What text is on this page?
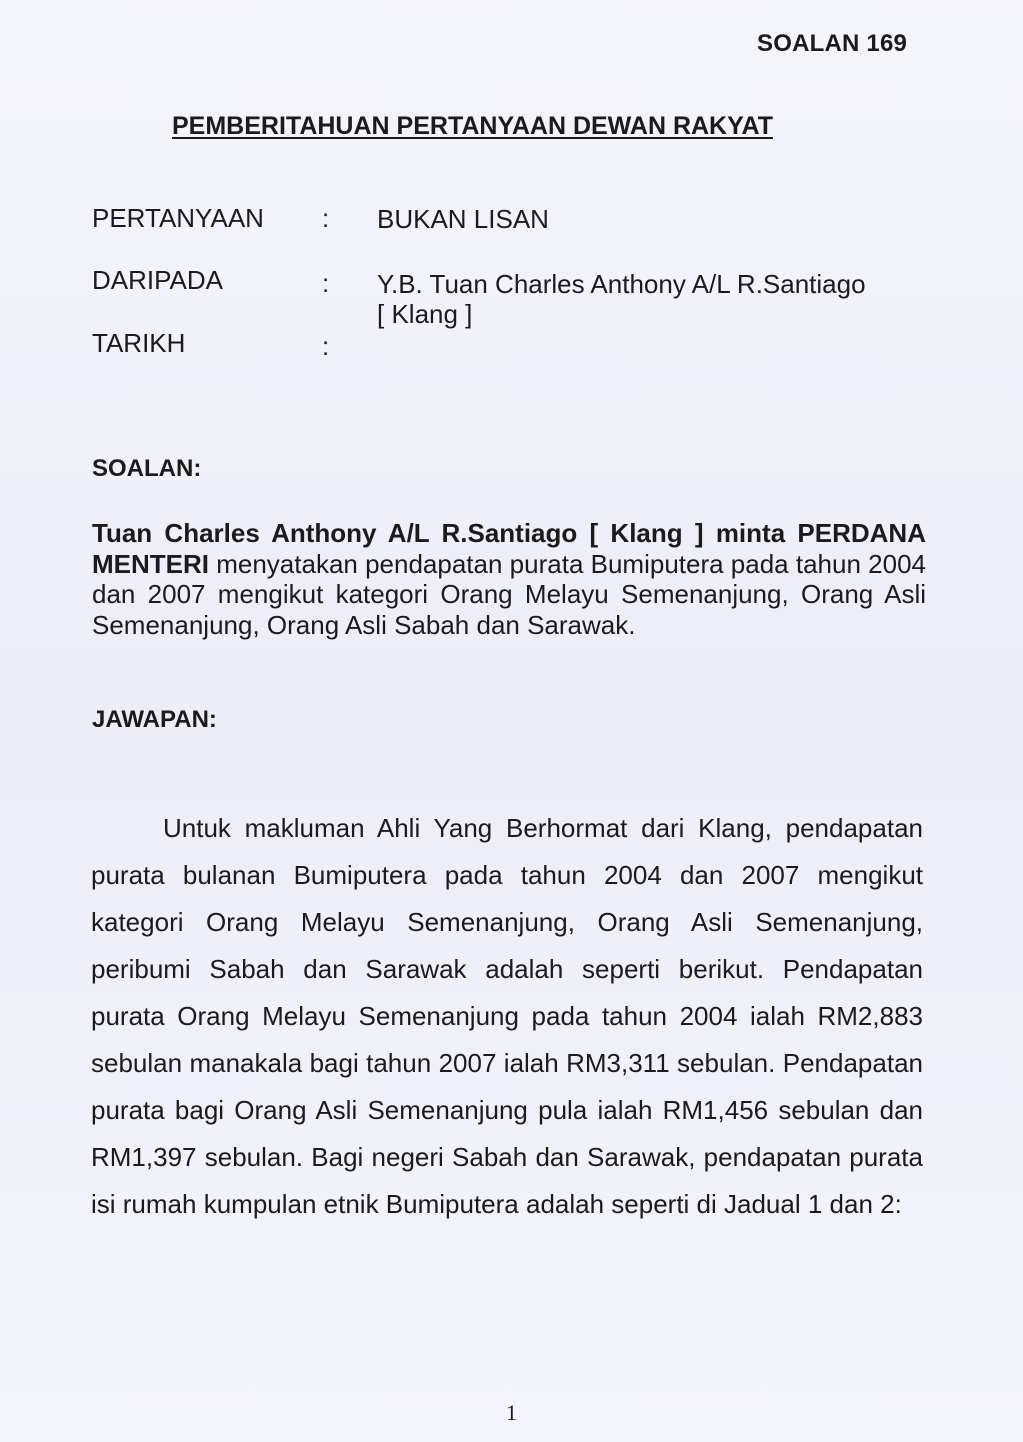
SOALAN 169
PEMBERITAHUAN PERTANYAAN DEWAN RAKYAT
PERTANYAAN : BUKAN LISAN
DARIPADA	: Y.B. Tuan Charles Anthony A/L R.Santiago
[ Klang ]
TARIKH	:
SOALAN:
Tuan Charles Anthony A/L R.Santiago [ Klang ] minta PERDANA MENTERI menyatakan pendapatan purata Bumiputera pada tahun 2004 dan 2007 mengikut kategori Orang Melayu Semenanjung, Orang Asli Semenanjung, Orang Asli Sabah dan Sarawak.
JAWAPAN:
Untuk makluman Ahli Yang Berhormat dari Klang, pendapatan purata bulanan Bumiputera pada tahun 2004 dan 2007 mengikut kategori Orang Melayu Semenanjung, Orang Asli Semenanjung, peribumi Sabah dan Sarawak adalah seperti berikut. Pendapatan purata Orang Melayu Semenanjung pada tahun 2004 ialah RM2,883 sebulan manakala bagi tahun 2007 ialah RM3,311 sebulan. Pendapatan purata bagi Orang Asli Semenanjung pula ialah RM1,456 sebulan dan RM1,397 sebulan. Bagi negeri Sabah dan Sarawak, pendapatan purata isi rumah kumpulan etnik Bumiputera adalah seperti di Jadual 1 dan 2:
1
